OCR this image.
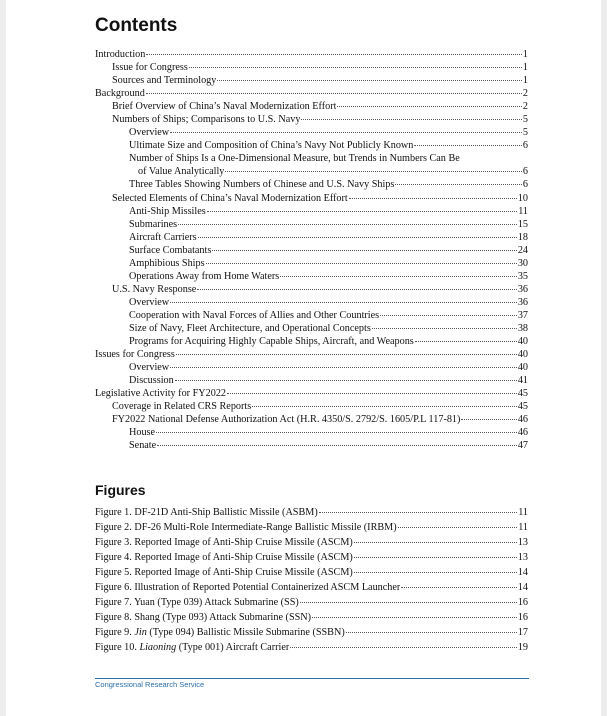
Contents
Introduction	1
Issue for Congress	1
Sources and Terminology	1
Background	2
Brief Overview of China’s Naval Modernization Effort	2
Numbers of Ships; Comparisons to U.S. Navy	5
Overview	5
Ultimate Size and Composition of China’s Navy Not Publicly Known	6
Number of Ships Is a One-Dimensional Measure, but Trends in Numbers Can Be
of Value Analytically	6
Three Tables Showing Numbers of Chinese and U.S. Navy Ships	6
Selected Elements of China’s Naval Modernization Effort	10
Anti-Ship Missiles	11
Submarines	15
Aircraft Carriers	18
Surface Combatants	24
Amphibious Ships	30
Operations Away from Home Waters	35
U.S. Navy Response	36
Overview	36
Cooperation with Naval Forces of Allies and Other Countries	37
Size of Navy, Fleet Architecture, and Operational Concepts	38
Programs for Acquiring Highly Capable Ships, Aircraft, and Weapons	40
Issues for Congress	40
Overview	40
Discussion	41
Legislative Activity for FY2022	45
Coverage in Related CRS Reports	45
FY2022 National Defense Authorization Act (H.R. 4350/S. 2792/S. 1605/P.L 117-81)	46
House	46
Senate	47
Figures
Figure 1. DF-21D Anti-Ship Ballistic Missile (ASBM)	11
Figure 2. DF-26 Multi-Role Intermediate-Range Ballistic Missile (IRBM)	11
Figure 3. Reported Image of Anti-Ship Cruise Missile (ASCM)	13
Figure 4. Reported Image of Anti-Ship Cruise Missile (ASCM)	13
Figure 5. Reported Image of Anti-Ship Cruise Missile (ASCM)	14
Figure 6. Illustration of Reported Potential Containerized ASCM Launcher	14
Figure 7. Yuan (Type 039) Attack Submarine (SS)	16
Figure 8. Shang (Type 093) Attack Submarine (SSN)	16
Figure 9. Jin (Type 094) Ballistic Missile Submarine (SSBN)	17
Figure 10. Liaoning (Type 001) Aircraft Carrier	19
Congressional Research Service
